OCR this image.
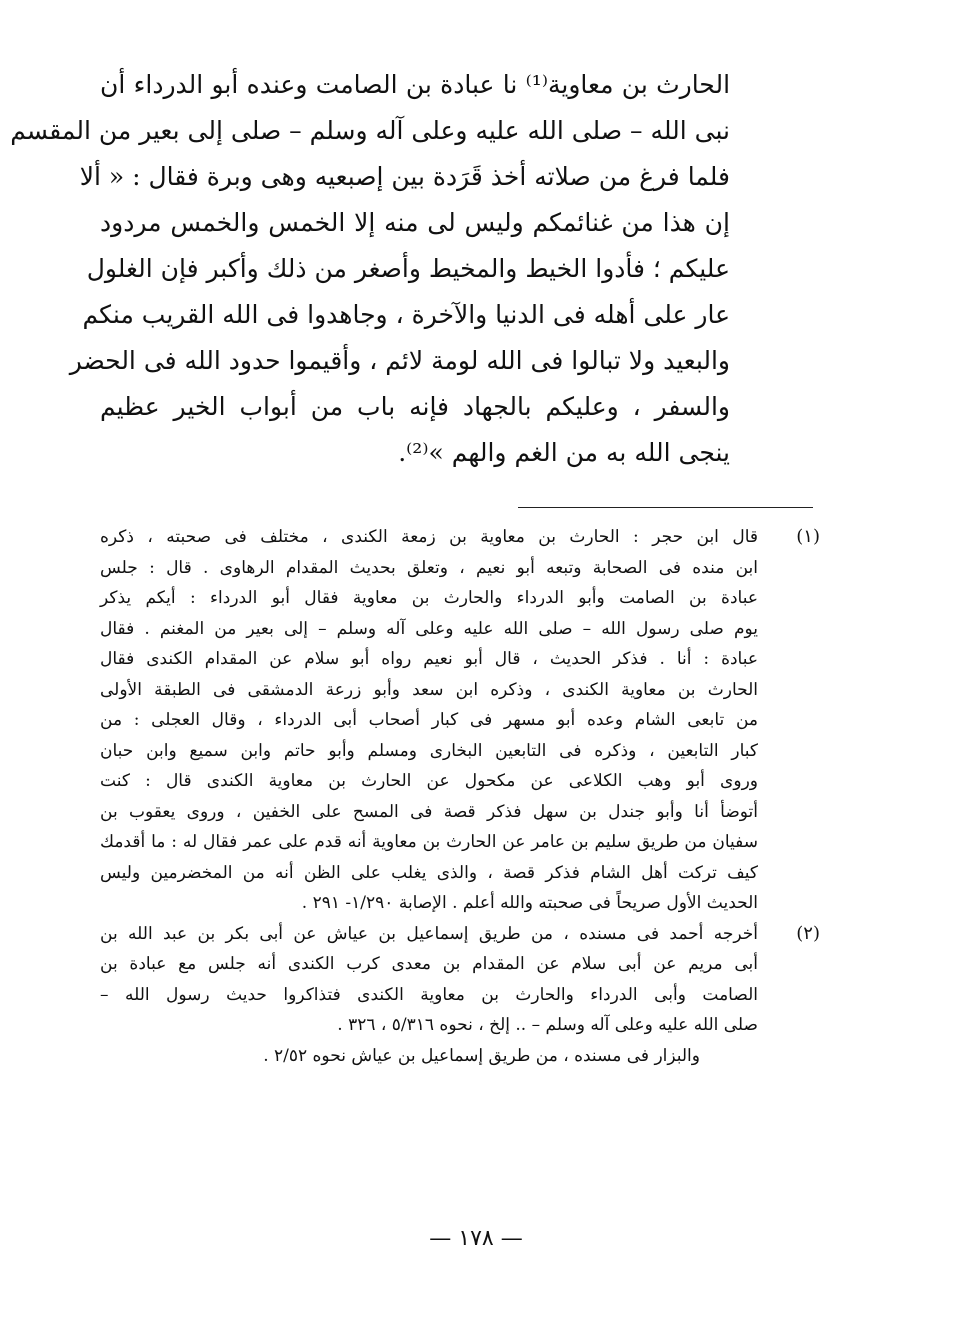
الحارث بن معاوية⁽¹⁾ نا عبادة بن الصامت وعنده أبو الدرداء أن
نبى الله – صلى الله عليه وعلى آله وسلم – صلى إلى بعير من المقسم
فلما فرغ من صلاته أخذ قَرَدة بين إصبعيه وهى وبرة فقال : « ألا
إن هذا من غنائمكم وليس لى منه إلا الخمس والخمس مردود
عليكم ؛ فأدوا الخيط والمخيط وأصغر من ذلك وأكبر فإن الغلول
عار على أهله فى الدنيا والآخرة ، وجاهدوا فى الله القريب منكم
والبعيد ولا تبالوا فى الله لومة لائم ، وأقيموا حدود الله فى الحضر
والسفر ، وعليكم بالجهاد فإنه باب من أبواب الخير عظيم
ينجى الله به من الغم والهم »⁽²⁾.
(١)
قال ابن حجر : الحارث بن معاوية بن زمعة الكندى ، مختلف فى صحبته ، ذكره
ابن منده فى الصحابة وتبعه أبو نعيم ، وتعلق بحديث المقدام الرهاوى . قال : جلس
عبادة بن الصامت وأبو الدرداء والحارث بن معاوية فقال أبو الدرداء : أيكم يذكر
يوم صلى رسول الله – صلى الله عليه وعلى آله وسلم – إلى بعير من المغنم . فقال
عبادة : أنا . فذكر الحديث ، قال أبو نعيم رواه أبو سلام عن المقدام الكندى فقال
الحارث بن معاوية الكندى ، وذكره ابن سعد وأبو زرعة الدمشقى فى الطبقة الأولى
من تابعى الشام وعده أبو مسهر فى كبار أصحاب أبى الدرداء ، وقال العجلى : من
كبار التابعين ، وذكره فى التابعين البخارى ومسلم وأبو حاتم وابن سميع وابن حبان
وروى أبو وهب الكلاعى عن مكحول عن الحارث بن معاوية الكندى قال : كنت
أتوضأ أنا وأبو جندل بن سهل فذكر قصة فى المسح على الخفين ، وروى يعقوب بن
سفيان من طريق سليم بن عامر عن الحارث بن معاوية أنه قدم على عمر فقال له : ما أقدمك
كيف تركت أهل الشام فذكر قصة ، والذى يغلب على الظن أنه من المخضرمين وليس
الحديث الأول صريحاً فى صحبته والله أعلم . الإصابة ١/٢٩٠- ٢٩١ .
(٢)
أخرجه أحمد فى مسنده ، من طريق إسماعيل بن عياش عن أبى بكر بن عبد الله بن
أبى مريم عن أبى سلام عن المقدام بن معدى كرب الكندى أنه جلس مع عبادة بن
الصامت وأبى الدرداء والحارث بن معاوية الكندى فتذاكروا حديث رسول الله –
صلى الله عليه وعلى آله وسلم – .. إلخ ، نحوه ٥/٣١٦ ، ٣٢٦ .
والبزار فى مسنده ، من طريق إسماعيل بن عياش نحوه ٢/٥٢ .
— ١٧٨ —
